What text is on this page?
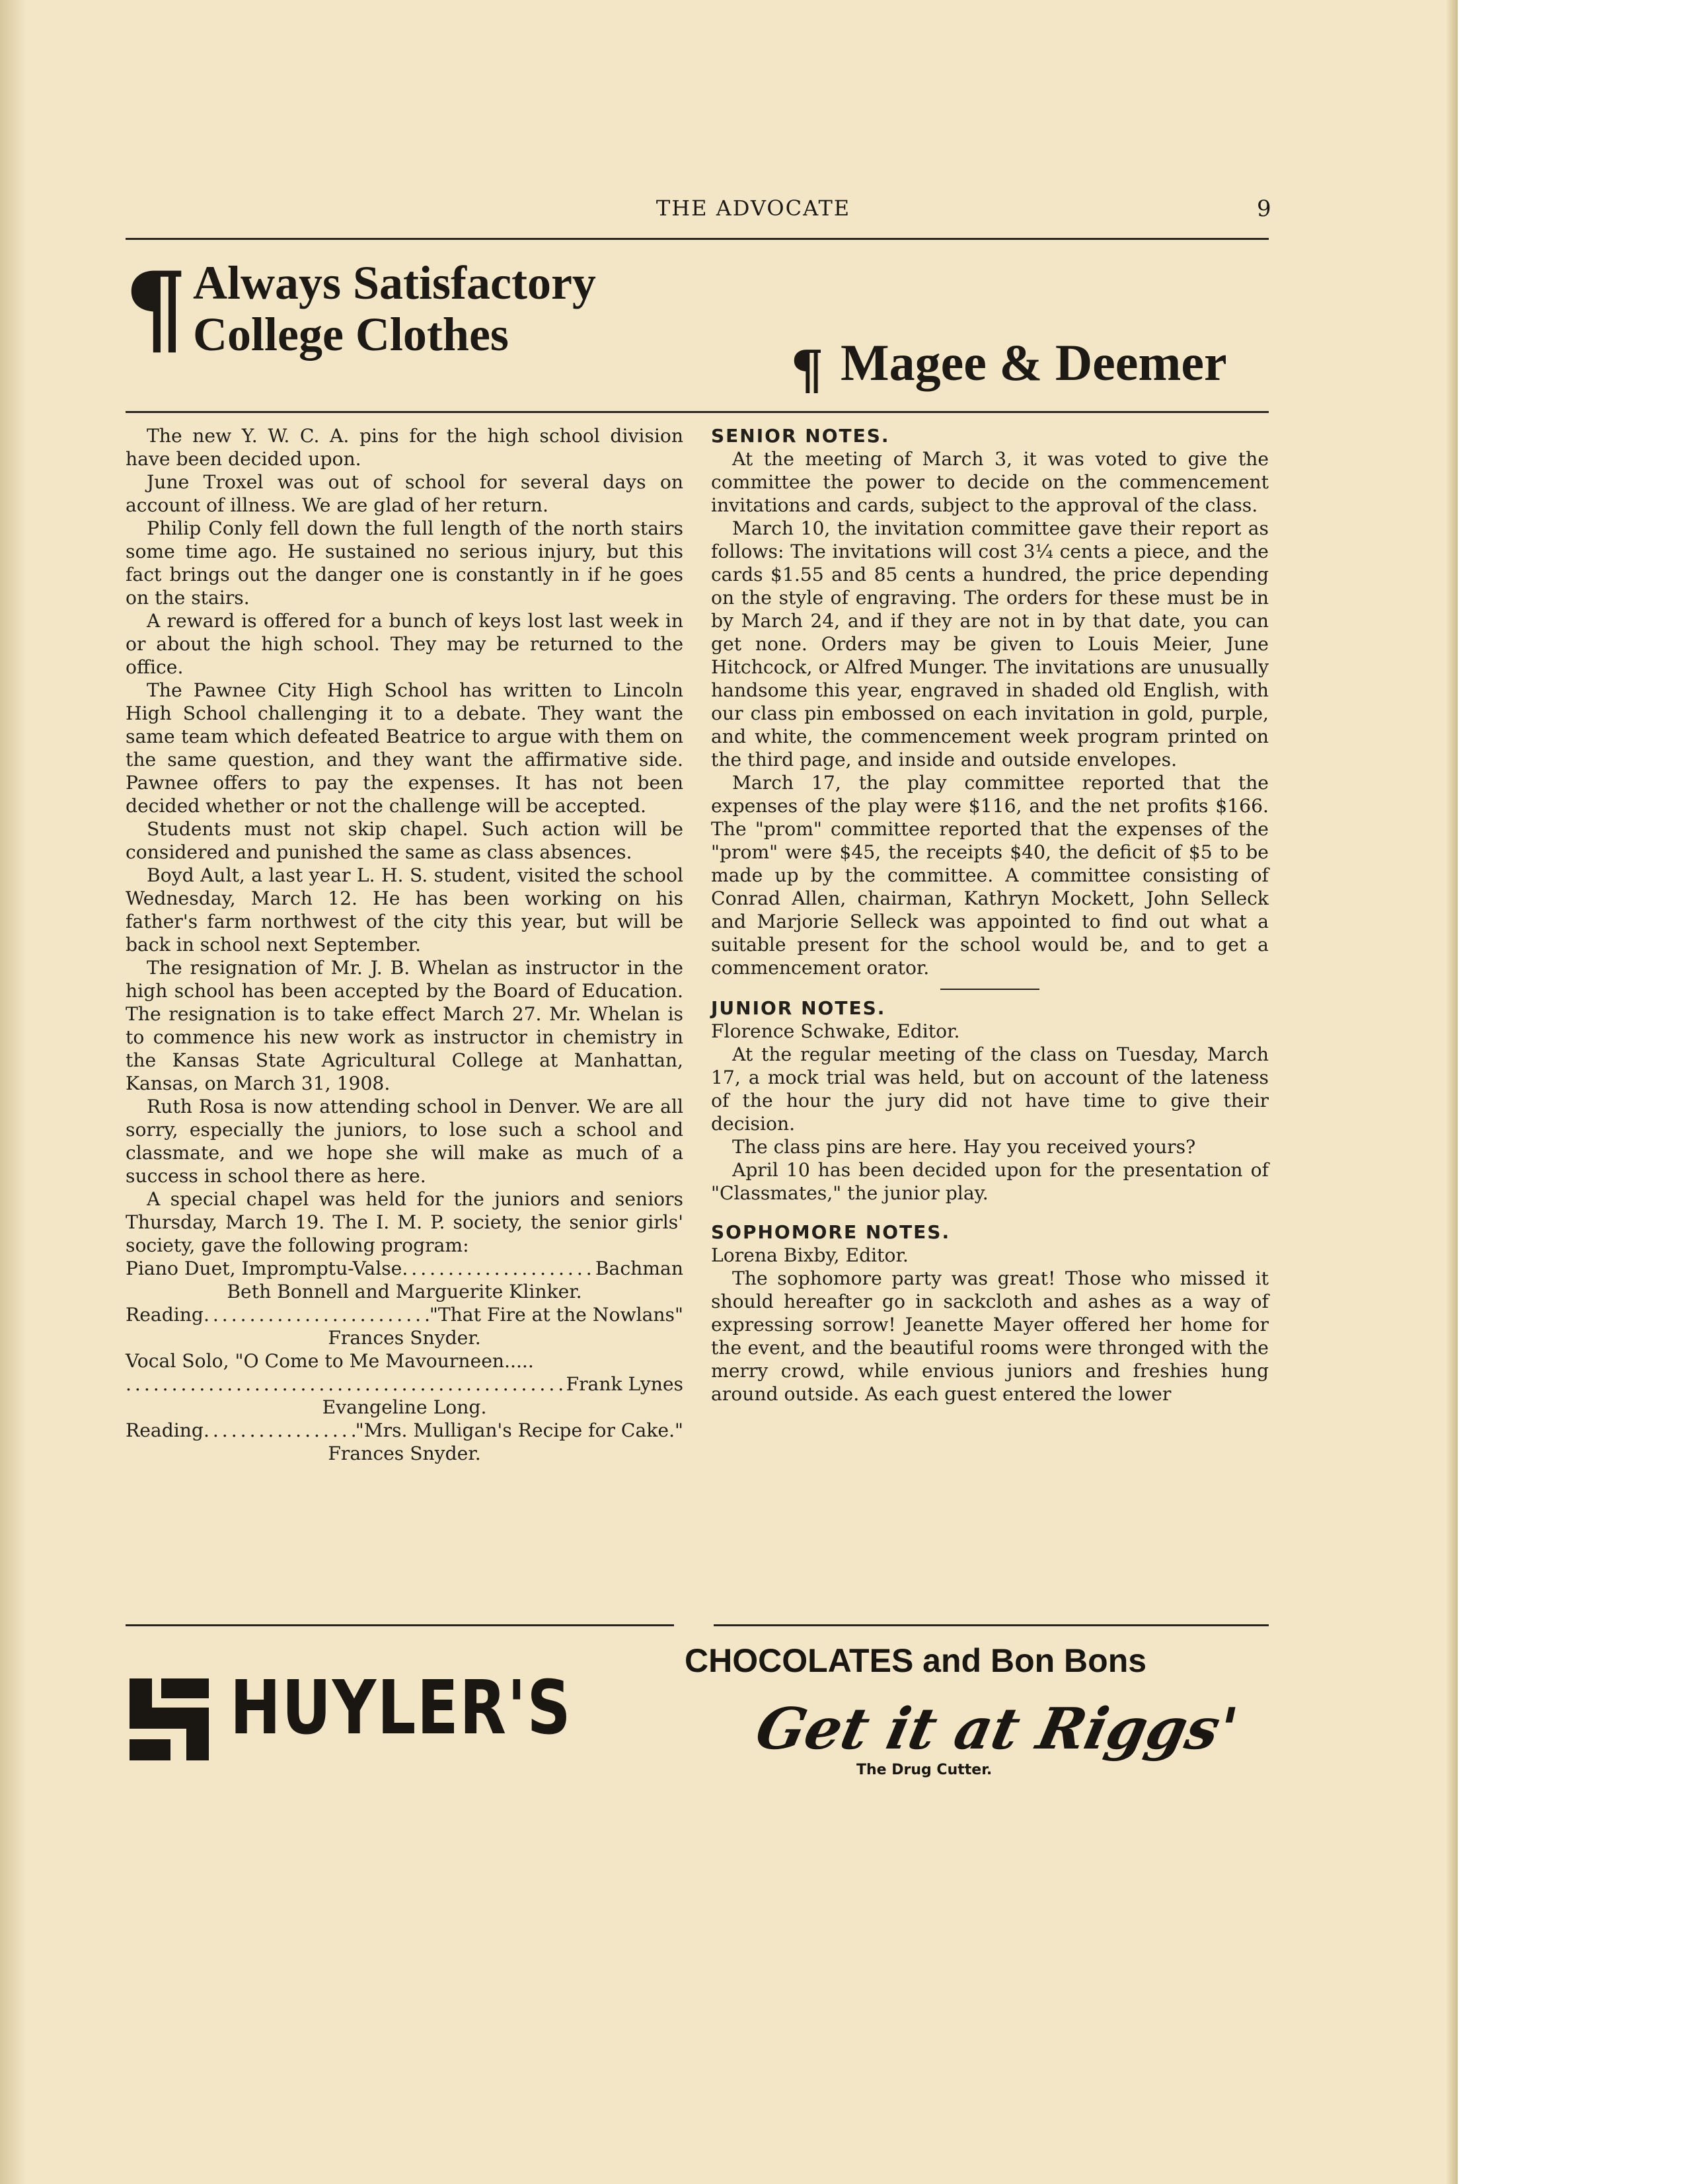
THE ADVOCATE	9
¶ Always Satisfactory
College Clothes
¶ Magee & Deemer

The new Y. W. C. A. pins for the high school division have been decided upon.

June Troxel was out of school for several days on account of illness. We are glad of her return.

Philip Conly fell down the full length of the north stairs some time ago. He sustained no serious injury, but this fact brings out the danger one is constantly in if he goes on the stairs.

A reward is offered for a bunch of keys lost last week in or about the high school. They may be returned to the office.

The Pawnee City High School has written to Lincoln High School challenging it to a debate. They want the same team which defeated Beatrice to argue with them on the same question, and they want the affirmative side. Pawnee offers to pay the expenses. It has not been decided whether or not the challenge will be accepted.

Students must not skip chapel. Such action will be considered and punished the same as class absences.

Boyd Ault, a last year L. H. S. student, visited the school Wednesday, March 12. He has been working on his father's farm northwest of the city this year, but will be back in school next September.

The resignation of Mr. J. B. Whelan as instructor in the high school has been accepted by the Board of Education. The resignation is to take effect March 27. Mr. Whelan is to commence his new work as instructor in chemistry in the Kansas State Agricultural College at Manhattan, Kansas, on March 31, 1908.

Ruth Rosa is now attending school in Denver. We are all sorry, especially the juniors, to lose such a school and classmate, and we hope she will make as much of a success in school there as here.

A special chapel was held for the juniors and seniors Thursday, March 19. The I. M. P. society, the senior girls' society, gave the following program:

Piano Duet, Impromptu-Valse . . .	Bachman

Beth Bonnell and Marguerite Klinker.

Reading . . .	"That Fire at the Nowlans"

Frances Snyder.

Vocal Solo, "O Come to Me Mavourneen.....

. . .
Frank Lynes

Evangeline Long.

Reading . . .	"Mrs. Mulligan's Recipe for Cake."

Frances Snyder.

SENIOR NOTES.

At the meeting of March 3, it was voted to give the committee the power to decide on the commencement invitations and cards, subject to the approval of the class.

March 10, the invitation committee gave their report as follows: The invitations will cost 3¼ cents a piece, and the cards $1.55 and 85 cents a hundred, the price depending on the style of engraving. The orders for these must be in by March 24, and if they are not in by that date, you can get none. Orders may be given to Louis Meier, June Hitchcock, or Alfred Munger. The invitations are unusually handsome this year, engraved in shaded old English, with our class pin embossed on each invitation in gold, purple, and white, the commencement week program printed on the third page, and inside and outside envelopes.

March 17, the play committee reported that the expenses of the play were $116, and the net profits $166. The "prom" committee reported that the expenses of the "prom" were $45, the receipts $40, the deficit of $5 to be made up by the committee. A committee consisting of Conrad Allen, chairman, Kathryn Mockett, John Selleck and Marjorie Selleck was appointed to find out what a suitable present for the school would be, and to get a commencement orator.

JUNIOR NOTES.

Florence Schwake, Editor.

At the regular meeting of the class on Tuesday, March 17, a mock trial was held, but on account of the lateness of the hour the jury did not have time to give their decision.

The class pins are here. Hay you received yours?

April 10 has been decided upon for the presentation of "Classmates," the junior play.

SOPHOMORE NOTES.

Lorena Bixby, Editor.

The sophomore party was great! Those who missed it should hereafter go in sackcloth and ashes as a way of expressing sorrow! Jeanette Mayer offered her home for the event, and the beautiful rooms were thronged with the merry crowd, while envious juniors and freshies hung around outside. As each guest entered the lower

HUYLER'S
CHOCOLATES and Bon Bons
Get it at Riggs'
The Drug Cutter.
